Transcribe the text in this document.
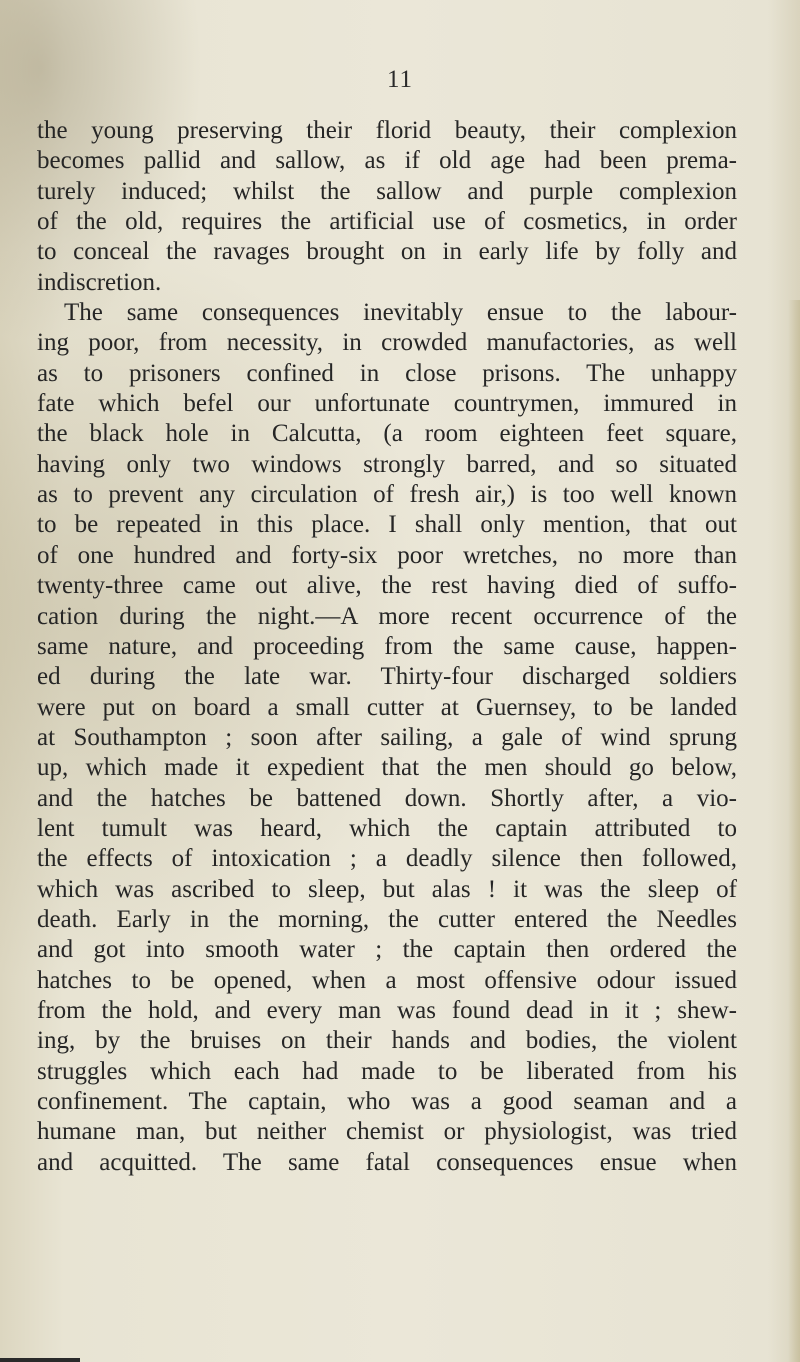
11
the young preserving their florid beauty, their complexion
becomes pallid and sallow, as if old age had been prema-
turely induced; whilst the sallow and purple complexion
of the old, requires the artificial use of cosmetics, in order
to conceal the ravages brought on in early life by folly and
indiscretion.
The same consequences inevitably ensue to the labour-
ing poor, from necessity, in crowded manufactories, as well
as to prisoners confined in close prisons. The unhappy
fate which befel our unfortunate countrymen, immured in
the black hole in Calcutta, (a room eighteen feet square,
having only two windows strongly barred, and so situated
as to prevent any circulation of fresh air,) is too well known
to be repeated in this place. I shall only mention, that out
of one hundred and forty-six poor wretches, no more than
twenty-three came out alive, the rest having died of suffo-
cation during the night.—A more recent occurrence of the
same nature, and proceeding from the same cause, happen-
ed during the late war. Thirty-four discharged soldiers
were put on board a small cutter at Guernsey, to be landed
at Southampton ; soon after sailing, a gale of wind sprung
up, which made it expedient that the men should go below,
and the hatches be battened down. Shortly after, a vio-
lent tumult was heard, which the captain attributed to
the effects of intoxication ; a deadly silence then followed,
which was ascribed to sleep, but alas ! it was the sleep of
death. Early in the morning, the cutter entered the Needles
and got into smooth water ; the captain then ordered the
hatches to be opened, when a most offensive odour issued
from the hold, and every man was found dead in it ; shew-
ing, by the bruises on their hands and bodies, the violent
struggles which each had made to be liberated from his
confinement. The captain, who was a good seaman and a
humane man, but neither chemist or physiologist, was tried
and acquitted. The same fatal consequences ensue when
